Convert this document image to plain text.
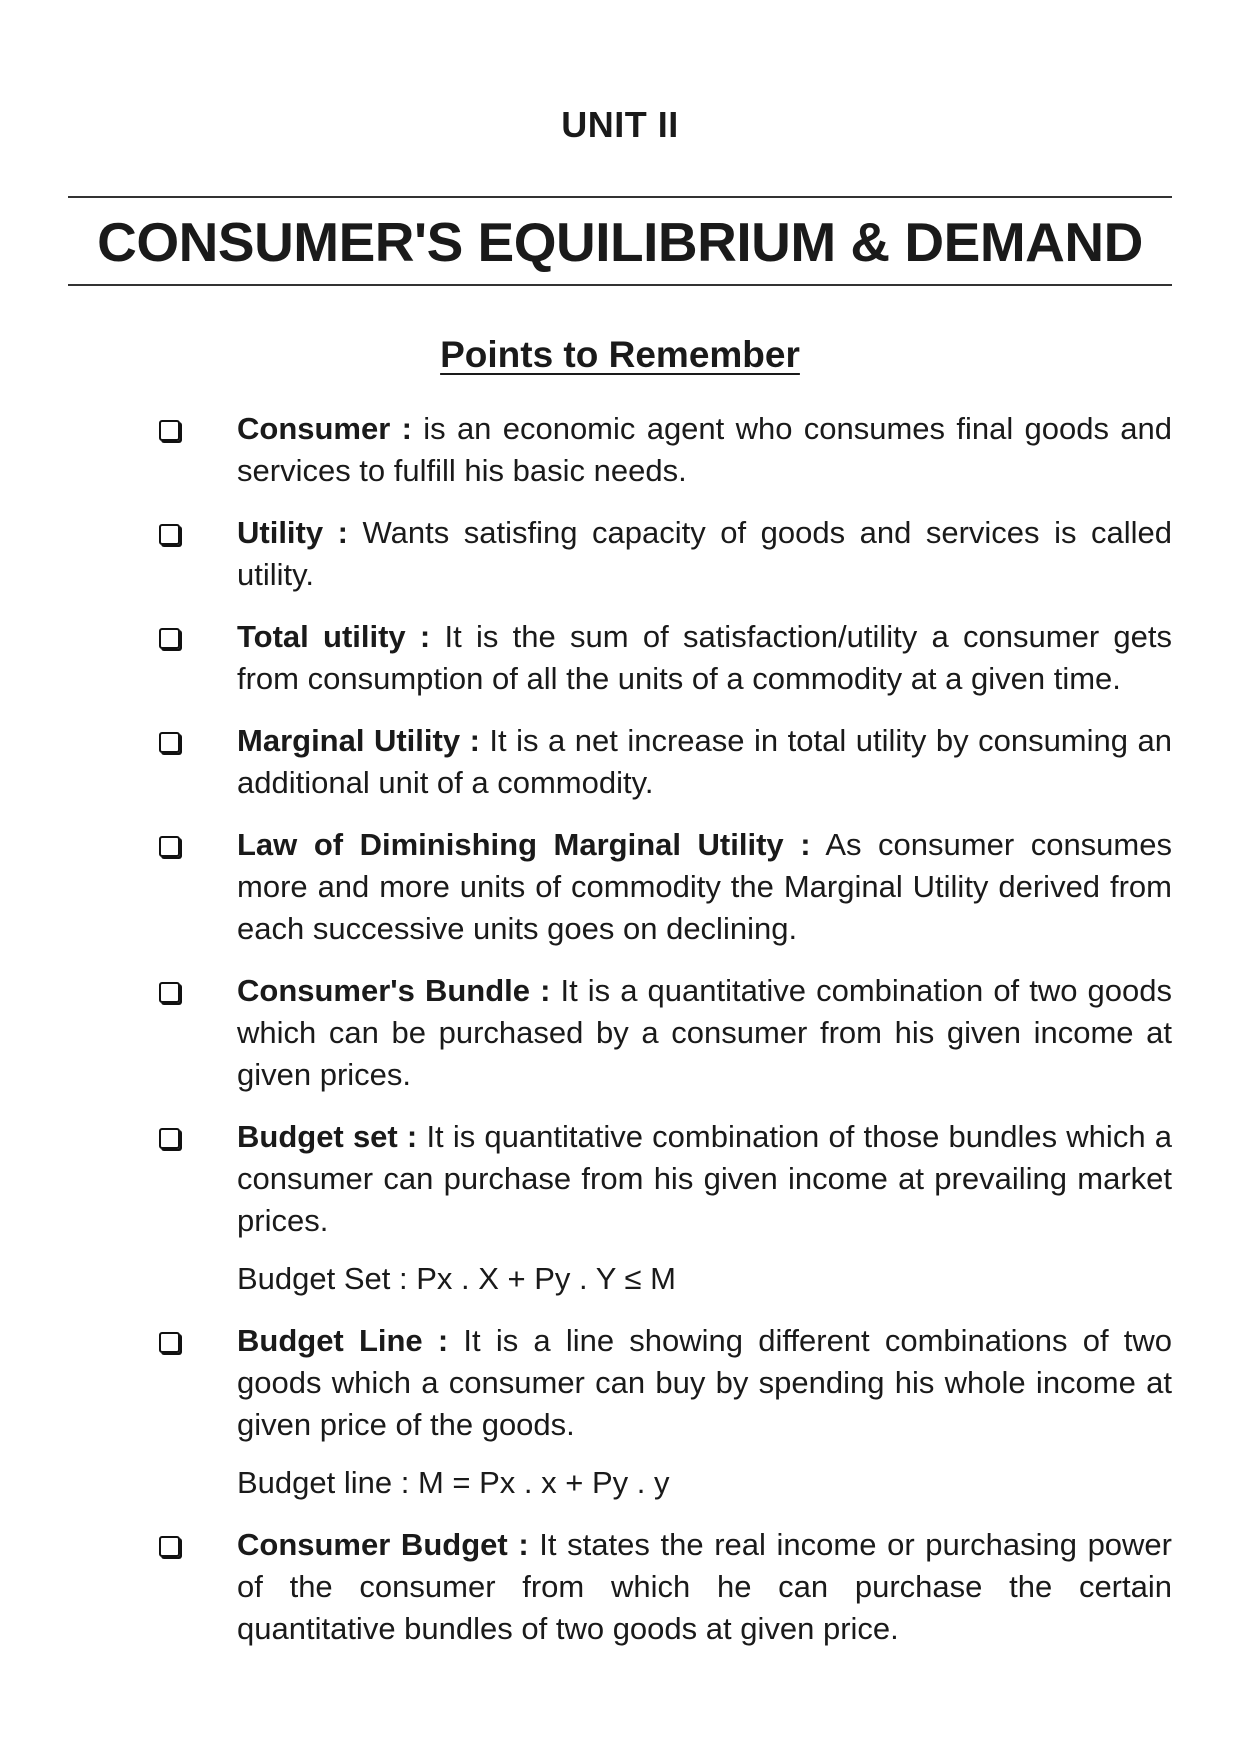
UNIT II
CONSUMER'S EQUILIBRIUM & DEMAND
Points to Remember
Consumer : is an economic agent who consumes final goods and services to fulfill his basic needs.
Utility : Wants satisfing capacity of goods and services is called utility.
Total utility : It is the sum of satisfaction/utility a consumer gets from consumption of all the units of a commodity at a given time.
Marginal Utility : It is a net increase in total utility by consuming an additional unit of a commodity.
Law of Diminishing Marginal Utility : As consumer consumes more and more units of commodity the Marginal Utility derived from each successive units goes on declining.
Consumer's Bundle : It is a quantitative combination of two goods which can be purchased by a consumer from his given income at given prices.
Budget set : It is quantitative combination of those bundles which a consumer can purchase from his given income at prevailing market prices.
Budget Set : Px . X + Py . Y ≤ M
Budget Line : It is a line showing different combinations of two goods which a consumer can buy by spending his whole income at given price of the goods.
Budget line : M = Px . x + Py . y
Consumer Budget : It states the real income or purchasing power of the consumer from which he can purchase the certain quantitative bundles of two goods at given price.
